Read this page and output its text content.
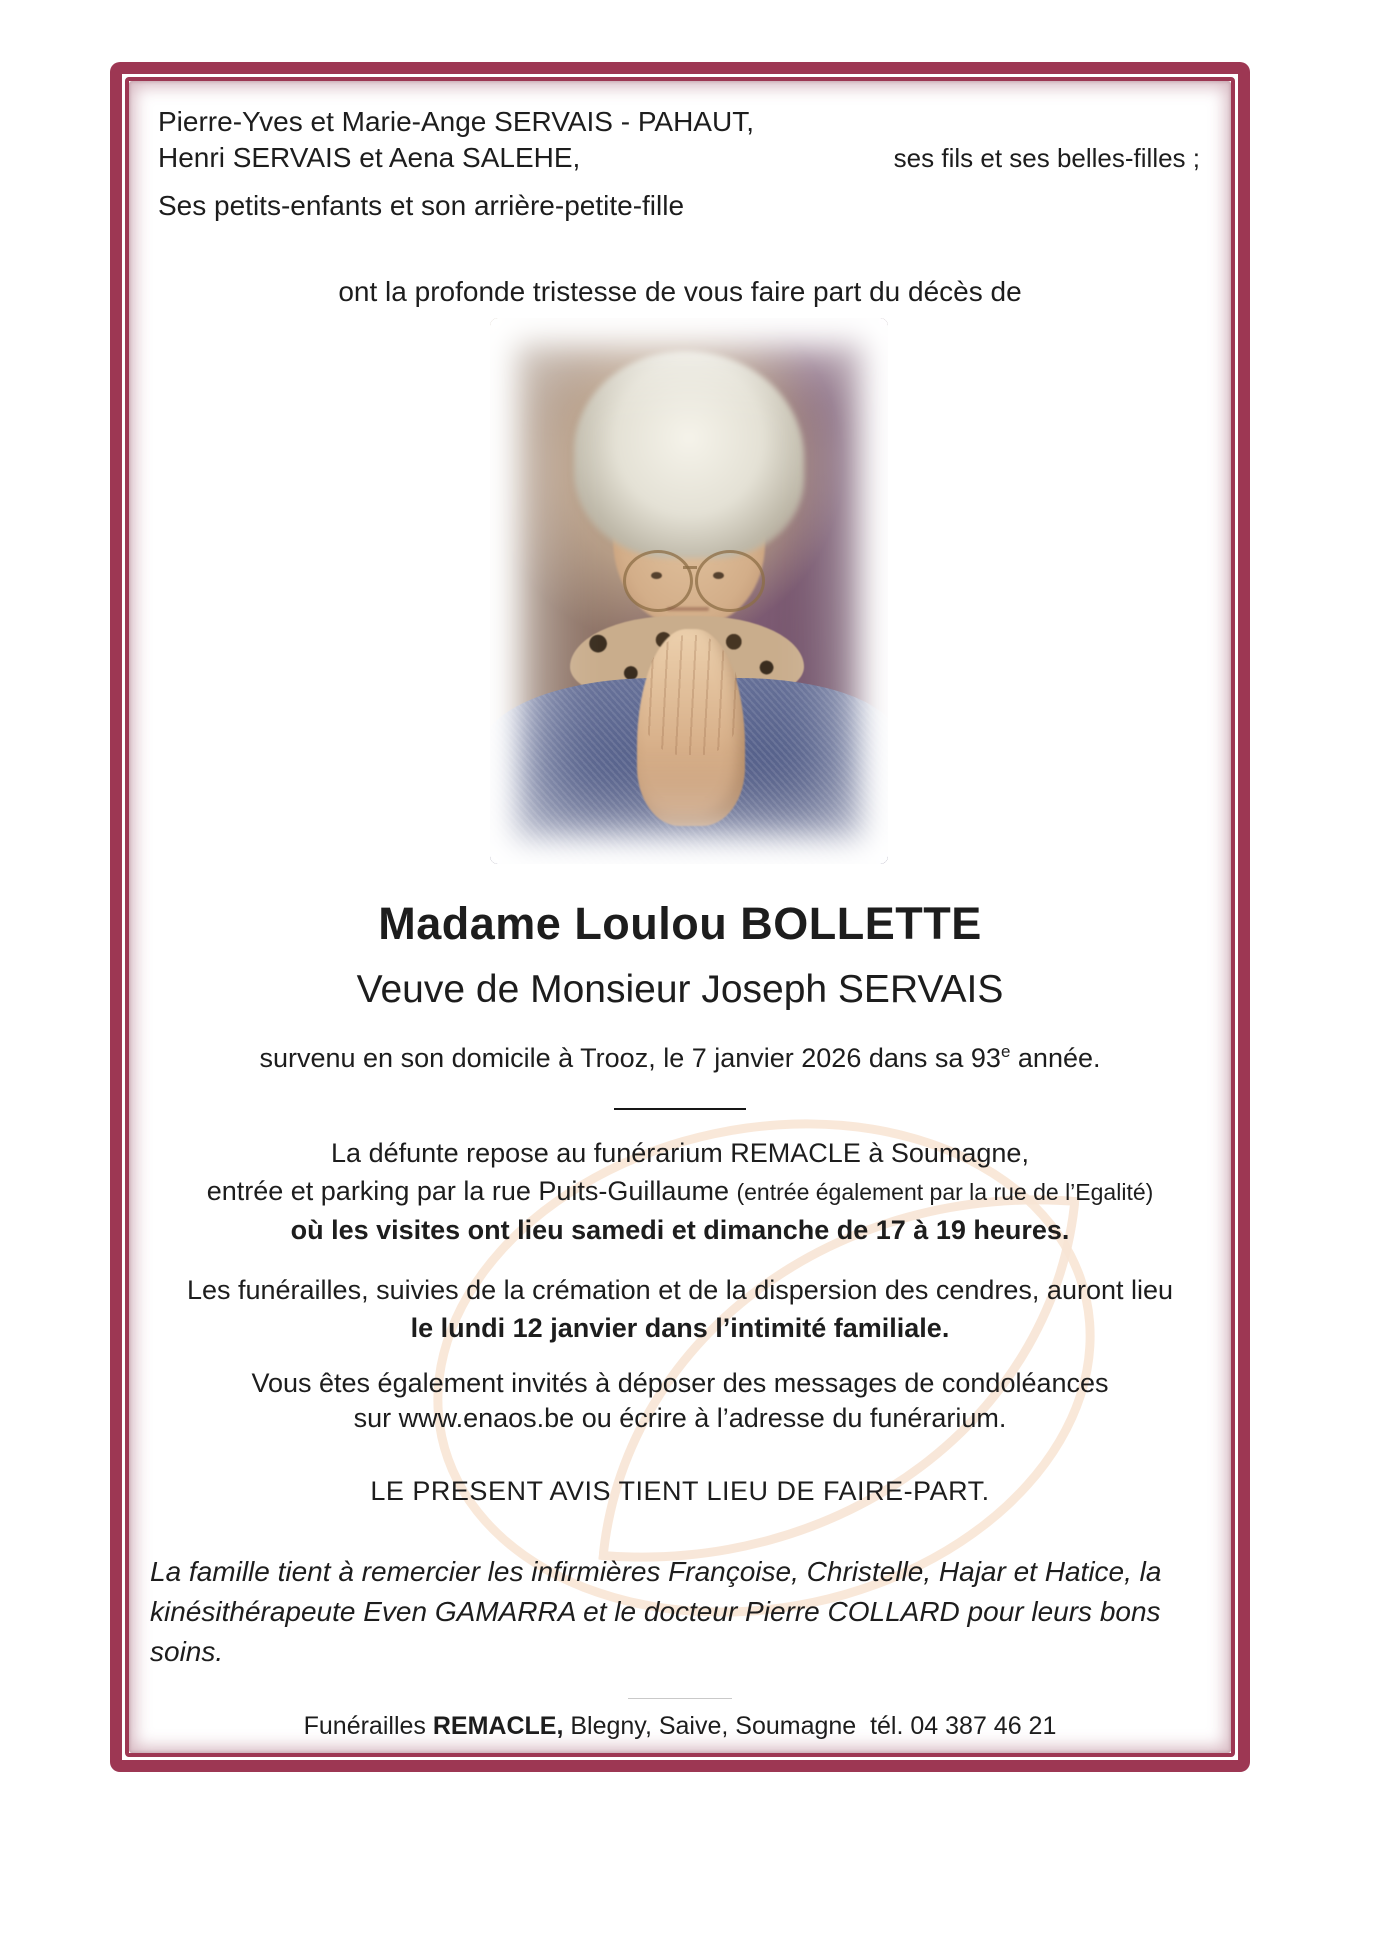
Pierre-Yves et Marie-Ange SERVAIS - PAHAUT,
Henri SERVAIS et Aena SALEHE,	ses fils et ses belles-filles ;
Ses petits-enfants et son arrière-petite-fille
ont la profonde tristesse de vous faire part du décès de
Madame Loulou BOLLETTE
Veuve de Monsieur Joseph SERVAIS
survenu en son domicile à Trooz, le 7 janvier 2026 dans sa 93e année.
La défunte repose au funérarium REMACLE à Soumagne,
entrée et parking par la rue Puits-Guillaume (entrée également par la rue de l’Egalité)
où les visites ont lieu samedi et dimanche de 17 à 19 heures.
Les funérailles, suivies de la crémation et de la dispersion des cendres, auront lieu
le lundi 12 janvier dans l’intimité familiale.
Vous êtes également invités à déposer des messages de condoléances
sur www.enaos.be ou écrire à l’adresse du funérarium.
LE PRESENT AVIS TIENT LIEU DE FAIRE-PART.
La famille tient à remercier les infirmières Françoise, Christelle, Hajar et Hatice, la kinésithérapeute Even GAMARRA et le docteur Pierre COLLARD pour leurs bons soins.
Funérailles REMACLE, Blegny, Saive, Soumagne  tél. 04 387 46 21
